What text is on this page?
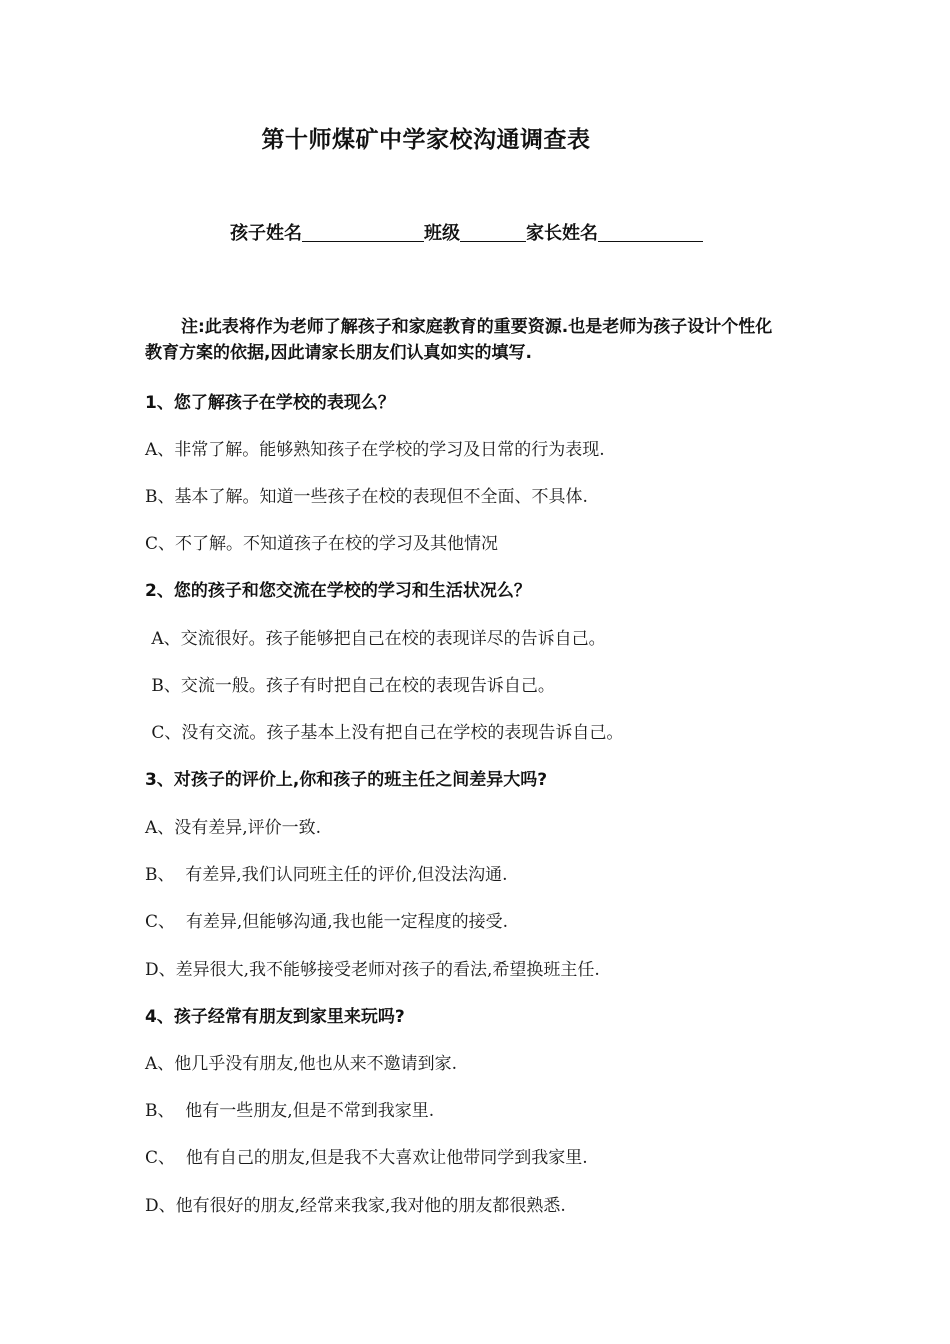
第十师煤矿中学家校沟通调查表
孩子姓名	班级	家长姓名
注:此表将作为老师了解孩子和家庭教育的重要资源.也是老师为孩子设计个性化教育方案的依据,因此请家长朋友们认真如实的填写.
1、您了解孩子在学校的表现么？
A、非常了解。能够熟知孩子在学校的学习及日常的行为表现.
B、基本了解。知道一些孩子在校的表现但不全面、不具体.
C、不了解。不知道孩子在校的学习及其他情况
2、您的孩子和您交流在学校的学习和生活状况么？
A、交流很好。孩子能够把自己在校的表现详尽的告诉自己。
B、交流一般。孩子有时把自己在校的表现告诉自己。
C、没有交流。孩子基本上没有把自己在学校的表现告诉自己。
3、对孩子的评价上,你和孩子的班主任之间差异大吗?
A、没有差异,评价一致.
B、  有差异,我们认同班主任的评价,但没法沟通.
C、  有差异,但能够沟通,我也能一定程度的接受.
D、差异很大,我不能够接受老师对孩子的看法,希望换班主任.
4、孩子经常有朋友到家里来玩吗?
A、他几乎没有朋友,他也从来不邀请到家.
B、  他有一些朋友,但是不常到我家里.
C、  他有自己的朋友,但是我不大喜欢让他带同学到我家里.
D、他有很好的朋友,经常来我家,我对他的朋友都很熟悉.
